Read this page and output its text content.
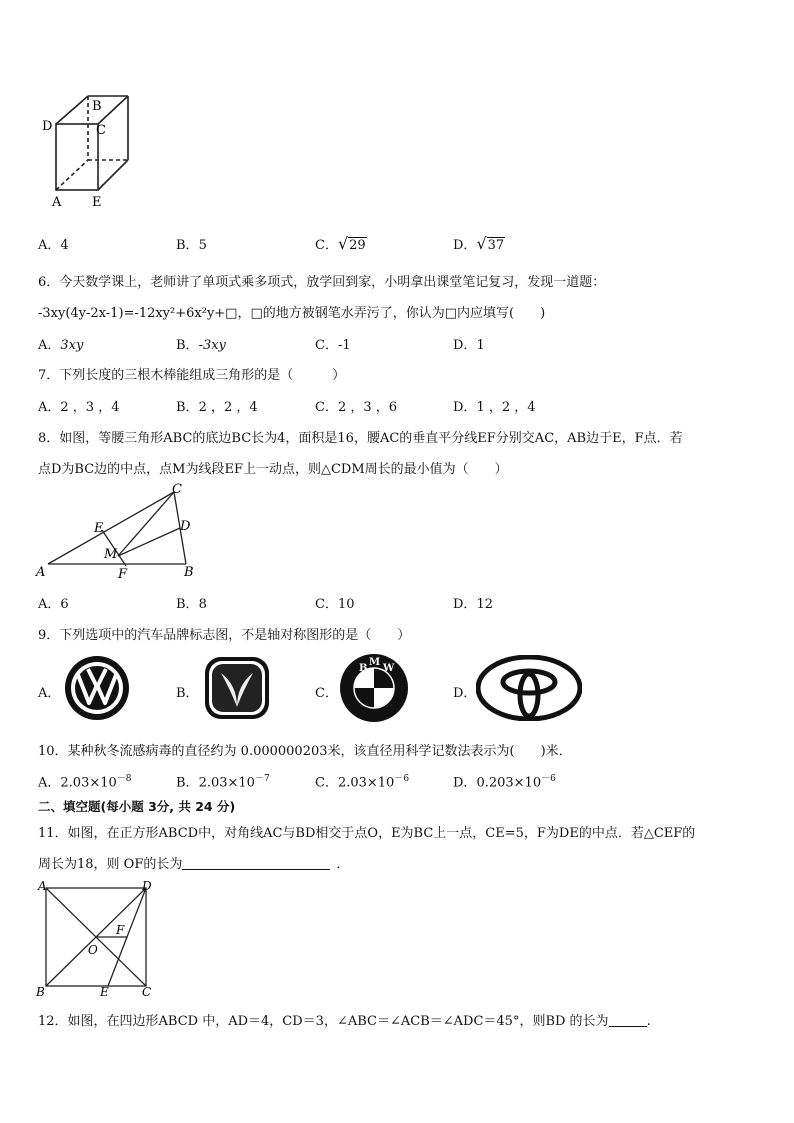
D
B
C
A E
A．4	B．5	C．√29	D．√37
6．今天数学课上，老师讲了单项式乘多项式，放学回到家，小明拿出课堂笔记复习，发现一道题：
-3xy(4y-2x-1)=-12xy²+6x²y+□，□的地方被钢笔水弄污了，你认为□内应填写(　　)
A．3xy	B．-3xy	C．-1	D．1
7．下列长度的三根木棒能组成三角形的是（　　　）
A．2 ，3 ，4	B．2 ，2 ，4	C．2 ，3 ，6	D．1 ，2 ，4
8．如图，等腰三角形ABC的底边BC长为4，面积是16，腰AC的垂直平分线EF分别交AC，AB边于E，F点．若
点D为BC边的中点，点M为线段EF上一动点，则△CDM周长的最小值为（　　）
C
D
E
M
A	F	B
A．6	B．8	C．10	D．12
9．下列选项中的汽车品牌标志图，不是轴对称图形的是（　　）
A．	B．	C．
B
M
W
D．
10．某种秋冬流感病毒的直径约为 0.000000203米，该直径用科学记数法表示为(　　)米．
A．$2.03\times 10^{-8}$	B．$2.03\times 10^{-7}$	C．$2.03\times 10^{-6}$	D．$0.203\times 10^{-6}$
二、填空题(每小题 3分, 共 24 分)
11．如图，在正方形ABCD中，对角线AC与BD相交于点O，E为BC上一点，CE=5，F为DE的中点．若△CEF的
周长为18，则 OF的长为	．
A	D
F
O
B	E	C
12．如图，在四边形ABCD 中，AD＝4，CD＝3，∠ABC＝∠ACB＝∠ADC＝45°，则BD 的长为	.
